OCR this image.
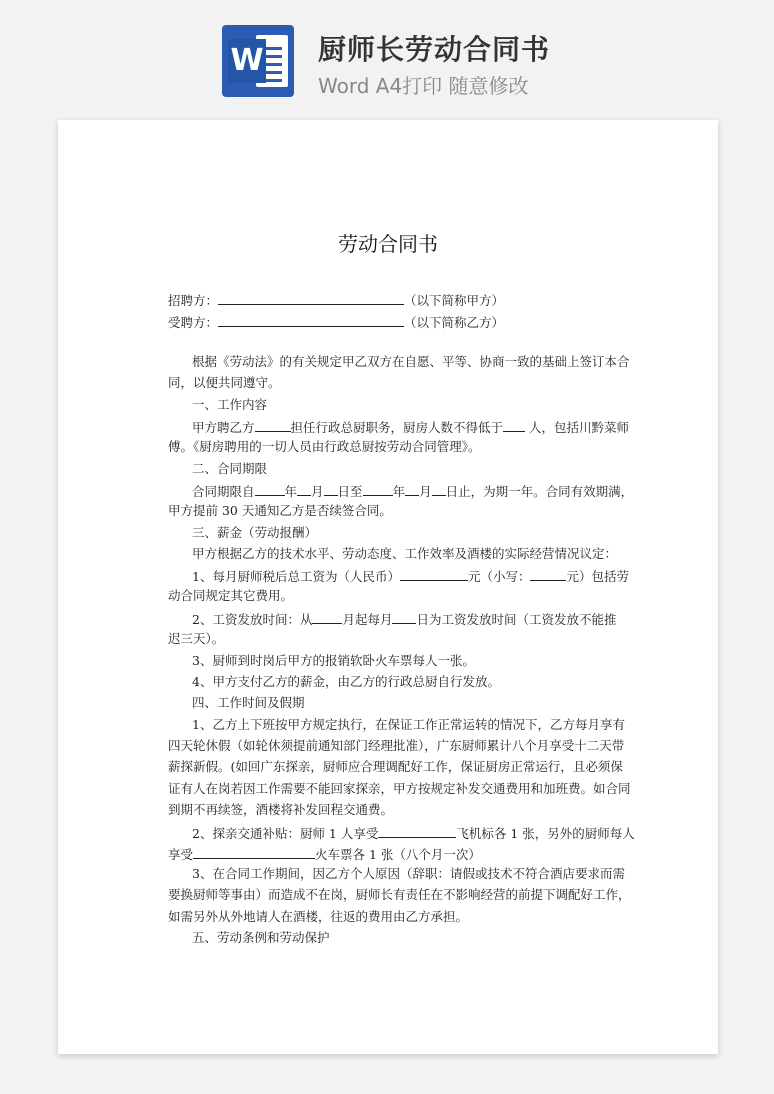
W 厨师长劳动合同书
Word A4打印 随意修改
劳动合同书
招聘方：	（以下简称甲方）
受聘方：	（以下简称乙方）
根据《劳动法》的有关规定甲乙双方在自愿、平等、协商一致的基础上签订本合
同，以便共同遵守。
一、工作内容
甲方聘乙方	担任行政总厨职务，厨房人数不得低于 人，包括川黔菜师
傅。《厨房聘用的一切人员由行政总厨按劳动合同管理》。
二、合同期限
合同期限自 年 月 日至 年 月 日止，为期一年。合同有效期满，
甲方提前 30 天通知乙方是否续签合同。
三、薪金（劳动报酬）
甲方根据乙方的技术水平、劳动态度、工作效率及酒楼的实际经营情况议定：
1、每月厨师税后总工资为（人民币）	元（小写：	元）包括劳
动合同规定其它费用。
2、工资发放时间：从 月起每月 日为工资发放时间（工资发放不能推
迟三天）。
3、厨师到时岗后甲方的报销软卧火车票每人一张。
4、甲方支付乙方的薪金，由乙方的行政总厨自行发放。
四、工作时间及假期
1、乙方上下班按甲方规定执行，在保证工作正常运转的情况下，乙方每月享有
四天轮休假（如轮休须提前通知部门经理批准），广东厨师累计八个月享受十二天带
薪探新假。(如回广东探亲，厨师应合理调配好工作，保证厨房正常运行，且必须保
证有人在岗若因工作需要不能回家探亲，甲方按规定补发交通费用和加班费。如合同
到期不再续签，酒楼将补发回程交通费。
2、探亲交通补贴：厨师 1 人享受	飞机标各 1 张，另外的厨师每人
享受	火车票各 1 张（八个月一次）
3、在合同工作期间，因乙方个人原因（辞职：请假或技术不符合酒店要求而需
要换厨师等事由）而造成不在岗，厨师长有责任在不影响经营的前提下调配好工作，
如需另外从外地请人在酒楼，往返的费用由乙方承担。
五、劳动条例和劳动保护
